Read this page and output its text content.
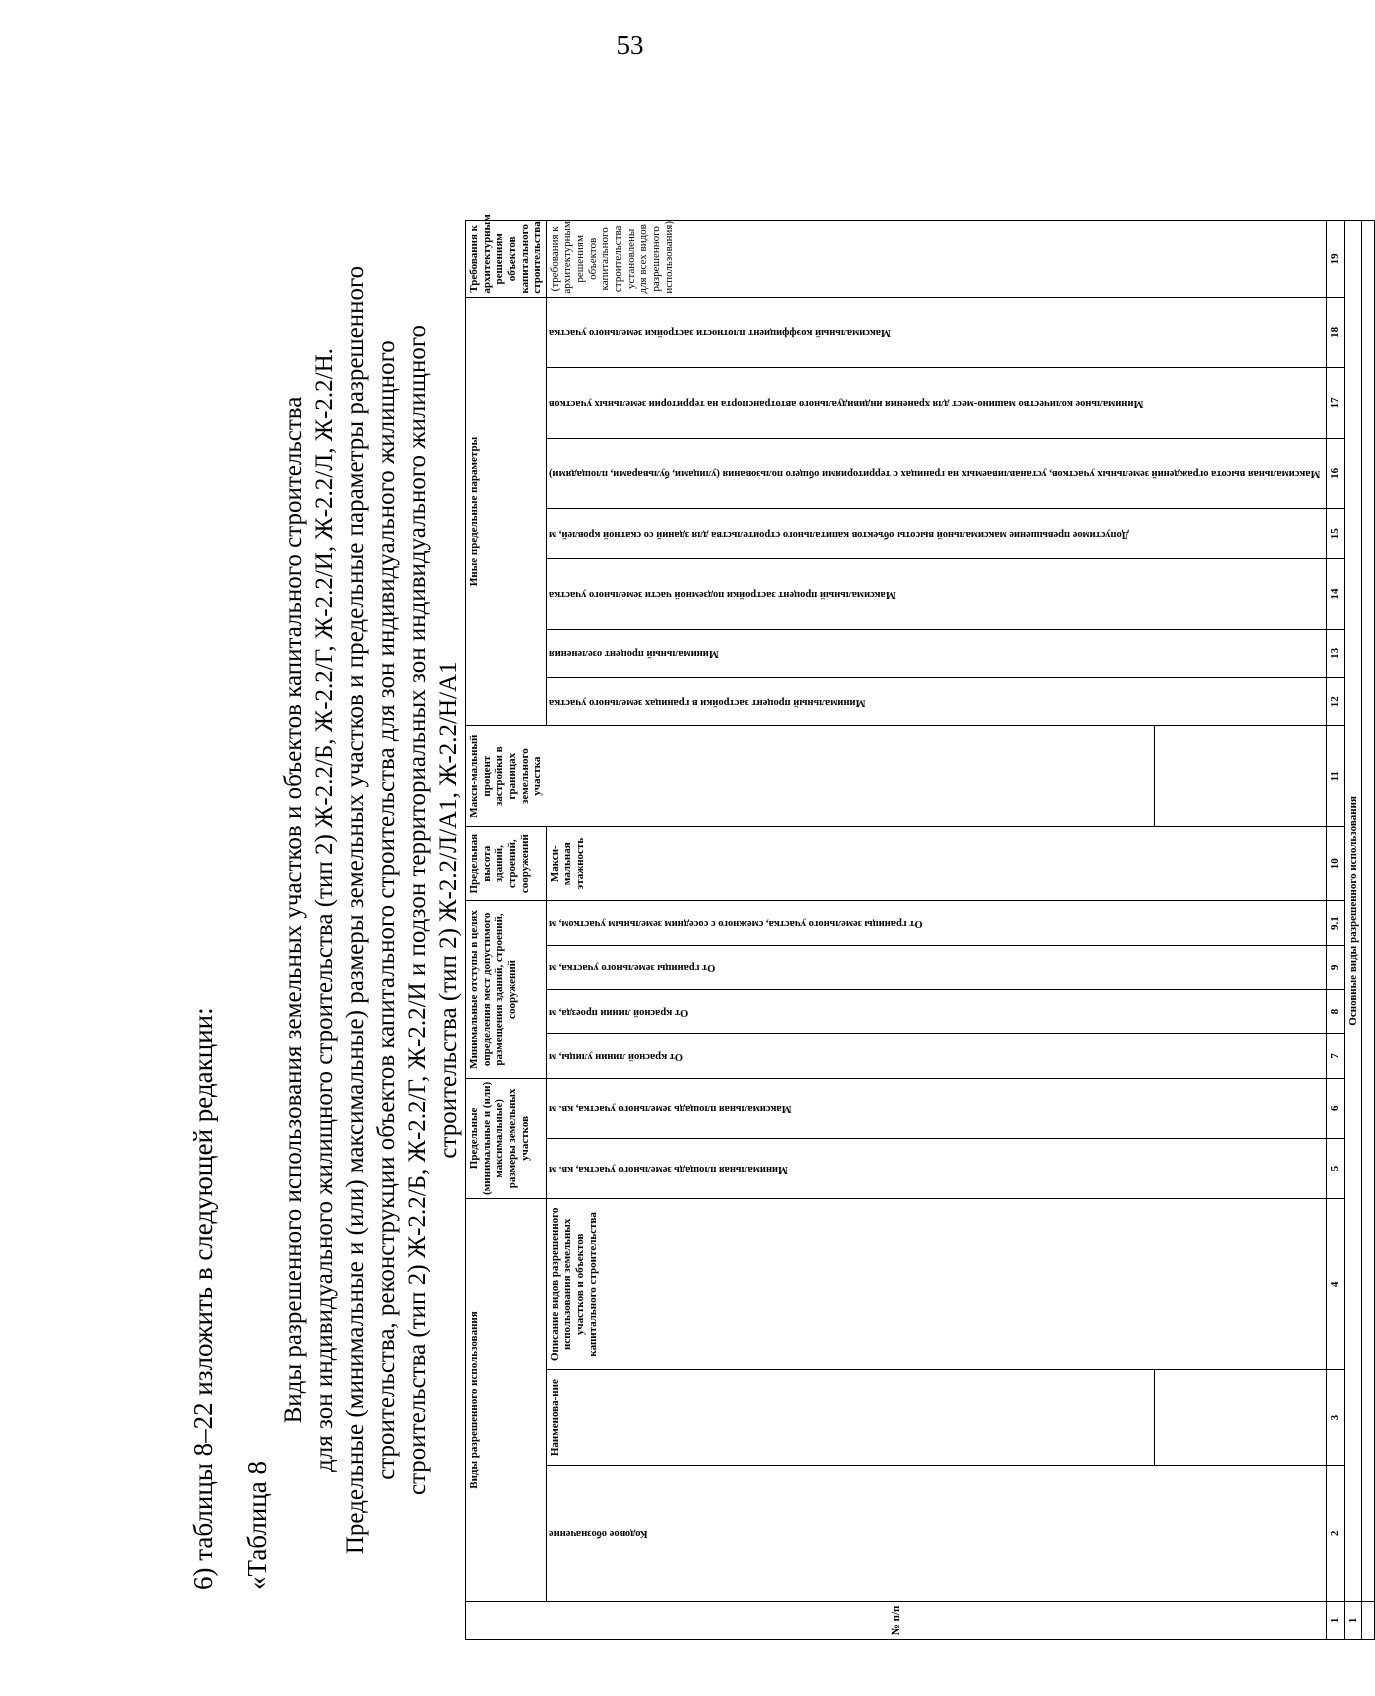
53
6) таблицы 8–22 изложить в следующей редакции: «Таблица 8

Виды разрешенного использования земельных участков и объектов капитального строительства для зон индивидуального жилищного строительства (тип 2) Ж-2.2/Б, Ж-2.2/Г, Ж-2.2/И, Ж-2.2/Л, Ж-2.2/Н. Предельные (минимальные и (или) максимальные) размеры земельных участков и предельные параметры разрешенного строительства, реконструкции объектов капитального строительства для зон индивидуального жилищного строительства (тип 2) Ж-2.2/Б, Ж-2.2/Г, Ж-2.2/И и подзон территориальных зон индивидуального жилищного строительства (тип 2) Ж-2.2/Л/А1, Ж-2.2/Н/А1

№ п/п	Виды разрешенного использования			Предельные (минимальные и (или) максимальные) размеры земельных участков		Минимальные отступы в целях определения мест допустимого размещения зданий, строений, сооружений				Предельная высота зданий, строений, сооружений	Макси-мальный процент застройки в границах земельного участка	Иные предельные параметры							Требования к архитектурным решениям объектов капитального строительства
	Кодовое обозначение	Наименова-ние	Описание видов разрешенного использования земельных участков и объектов капитального строительства	Минимальная площадь земельного участка, кв. м	Максимальная площадь земельного участка, кв. м	От красной линии улицы, м	От красной линии проезда, м	От границы земельного участка, м	От границы земельного участка, смежного с соседним земельным участком, м	Макси-мальная этажность		Минимальный процент застройки в границах земельного участка	Минимальный процент озеленения	Максимальный процент застройки подземной части земельного участка	Допустимое превышение максимальной высоты объектов капитального строительства для зданий со скатной кровлей, м	Максимальная высота ограждений земельных участков, устанавливаемых на границах с территориями общего пользования (улицами, бульварами, площадями)	Минимальное количество машино-мест для хранения индивидуального автотранспорта на территории земельных участков	Максимальный коэффициент плотности застройки земельного участка	(требования к архитектурным решениям объектов капитального строительства установлены для всех видов разрешенного использования)

1	2	3	4	5	6	7	8	9	9.1	10	11	12	13	14	15	16	17	18	19
1	Основные виды разрешенного использования																		
